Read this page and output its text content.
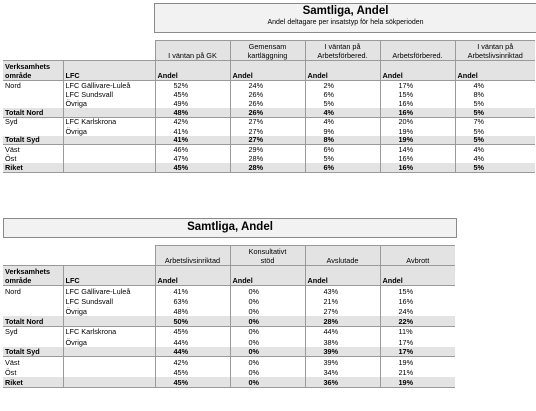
Samtliga, Andel
Andel deltagare per insatstyp för hela sökperioden
			Gemensam	I väntan på		I väntan på
		I väntan på GK	kartläggning	Arbetsförbered.	Arbetsförbered.	Arbetslivsinriktad
Verksamhets						
område	LFC	Andel	Andel	Andel	Andel	Andel
Nord	LFC Gällivare-Luleå	52%	24%	2%	17%	4%
	LFC Sundsvall	45%	26%	6%	15%	8%
	Övriga	49%	26%	5%	16%	5%
Totalt Nord		48%	26%	4%	16%	5%
Syd	LFC Karlskrona	42%	27%	4%	20%	7%
	Övriga	41%	27%	9%	19%	5%
Totalt Syd		41%	27%	8%	19%	5%
Väst		46%	29%	6%	14%	4%
Öst		47%	28%	5%	16%	4%
Riket		45%	28%	6%	16%	5%
Samtliga, Andel
			Konsultativt		
		Arbetslivsinriktad	stöd	Avslutade	Avbrott
Verksamhets					
område	LFC	Andel	Andel	Andel	Andel
Nord	LFC Gällivare-Luleå	41%	0%	43%	15%
	LFC Sundsvall	63%	0%	21%	16%
	Övriga	48%	0%	27%	24%
Totalt Nord		50%	0%	28%	22%
Syd	LFC Karlskrona	45%	0%	44%	11%
	Övriga	44%	0%	38%	17%
Totalt Syd		44%	0%	39%	17%
Väst		42%	0%	39%	19%
Öst		45%	0%	34%	21%
Riket		45%	0%	36%	19%
